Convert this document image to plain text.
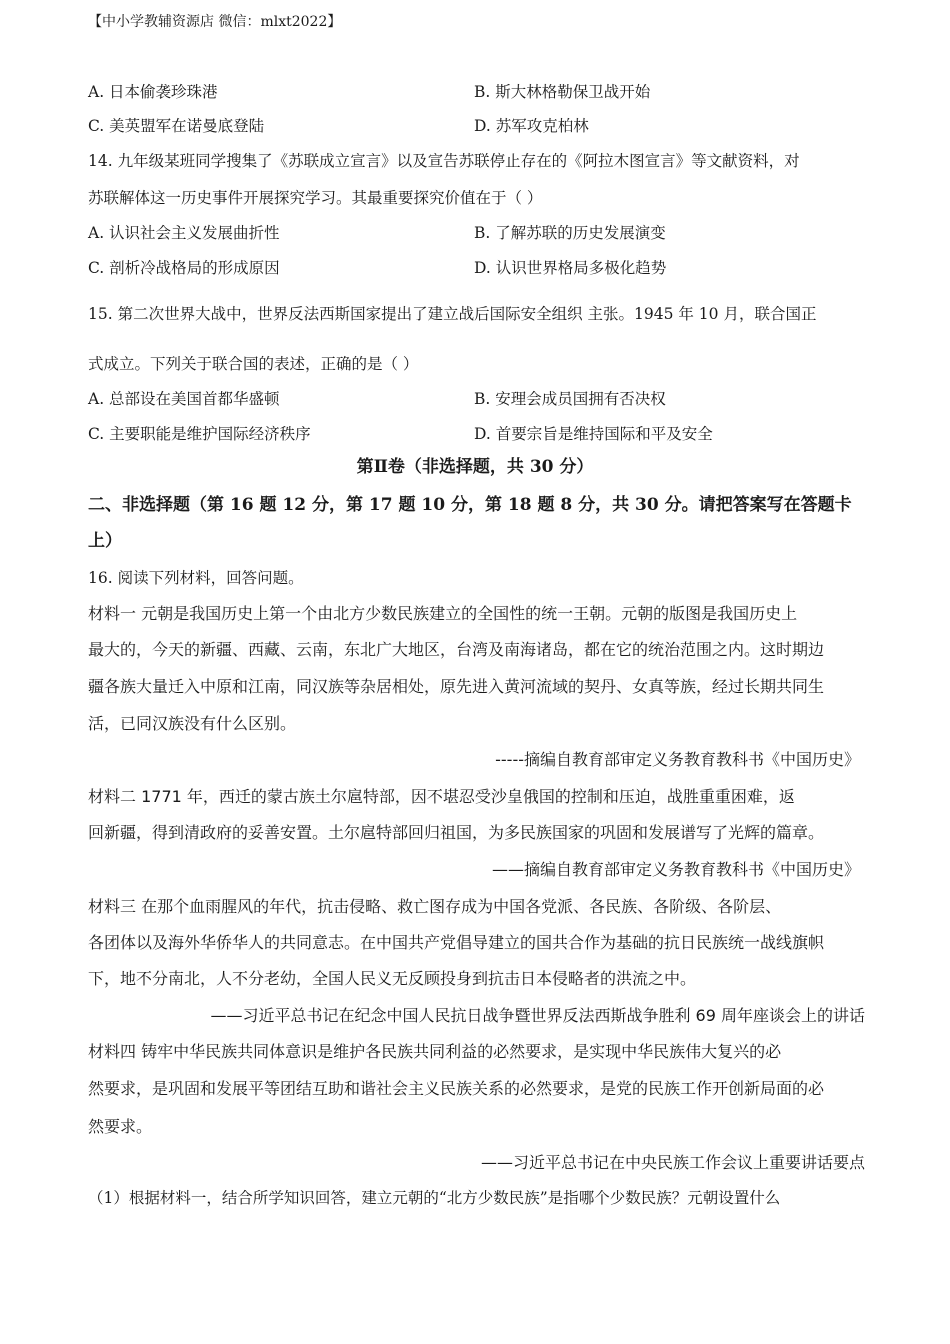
【中小学教辅资源店 微信：mlxt2022】
A. 日本偷袭珍珠港	B. 斯大林格勒保卫战开始
C. 美英盟军在诺曼底登陆	D. 苏军攻克柏林
14. 九年级某班同学搜集了《苏联成立宣言》以及宣告苏联停止存在的《阿拉木图宣言》等文献资料，对
苏联解体这一历史事件开展探究学习。其最重要探究价值在于（ ）
A. 认识社会主义发展曲折性	B. 了解苏联的历史发展演变
C. 剖析冷战格局的形成原因	D. 认识世界格局多极化趋势
15. 第二次世界大战中，世界反法西斯国家提出了建立战后国际安全组织 主张。1945 年 10 月，联合国正
式成立。下列关于联合国的表述，正确的是（ ）
A. 总部设在美国首都华盛顿	B. 安理会成员国拥有否决权
C. 主要职能是维护国际经济秩序	D. 首要宗旨是维持国际和平及安全
第Ⅱ卷（非选择题，共 30 分）
二、非选择题（第 16 题 12 分，第 17 题 10 分，第 18 题 8 分，共 30 分。请把答案写在答题卡
上）
16. 阅读下列材料，回答问题。
材料一 元朝是我国历史上第一个由北方少数民族建立的全国性的统一王朝。元朝的版图是我国历史上
最大的，今天的新疆、西藏、云南，东北广大地区，台湾及南海诸岛，都在它的统治范围之内。这时期边
疆各族大量迁入中原和江南，同汉族等杂居相处，原先进入黄河流域的契丹、女真等族，经过长期共同生
活，已同汉族没有什么区别。
-----摘编自教育部审定义务教育教科书《中国历史》
材料二 1771 年，西迁的蒙古族土尔扈特部，因不堪忍受沙皇俄国的控制和压迫，战胜重重困难，返
回新疆，得到清政府的妥善安置。土尔扈特部回归祖国，为多民族国家的巩固和发展谱写了光辉的篇章。
——摘编自教育部审定义务教育教科书《中国历史》
材料三 在那个血雨腥风的年代，抗击侵略、救亡图存成为中国各党派、各民族、各阶级、各阶层、
各团体以及海外华侨华人的共同意志。在中国共产党倡导建立的国共合作为基础的抗日民族统一战线旗帜
下，地不分南北，人不分老幼，全国人民义无反顾投身到抗击日本侵略者的洪流之中。
——习近平总书记在纪念中国人民抗日战争暨世界反法西斯战争胜利 69 周年座谈会上的讲话
材料四 铸牢中华民族共同体意识是维护各民族共同利益的必然要求，是实现中华民族伟大复兴的必
然要求，是巩固和发展平等团结互助和谐社会主义民族关系的必然要求，是党的民族工作开创新局面的必
然要求。
——习近平总书记在中央民族工作会议上重要讲话要点
（1）根据材料一，结合所学知识回答，建立元朝的“北方少数民族”是指哪个少数民族？元朝设置什么
